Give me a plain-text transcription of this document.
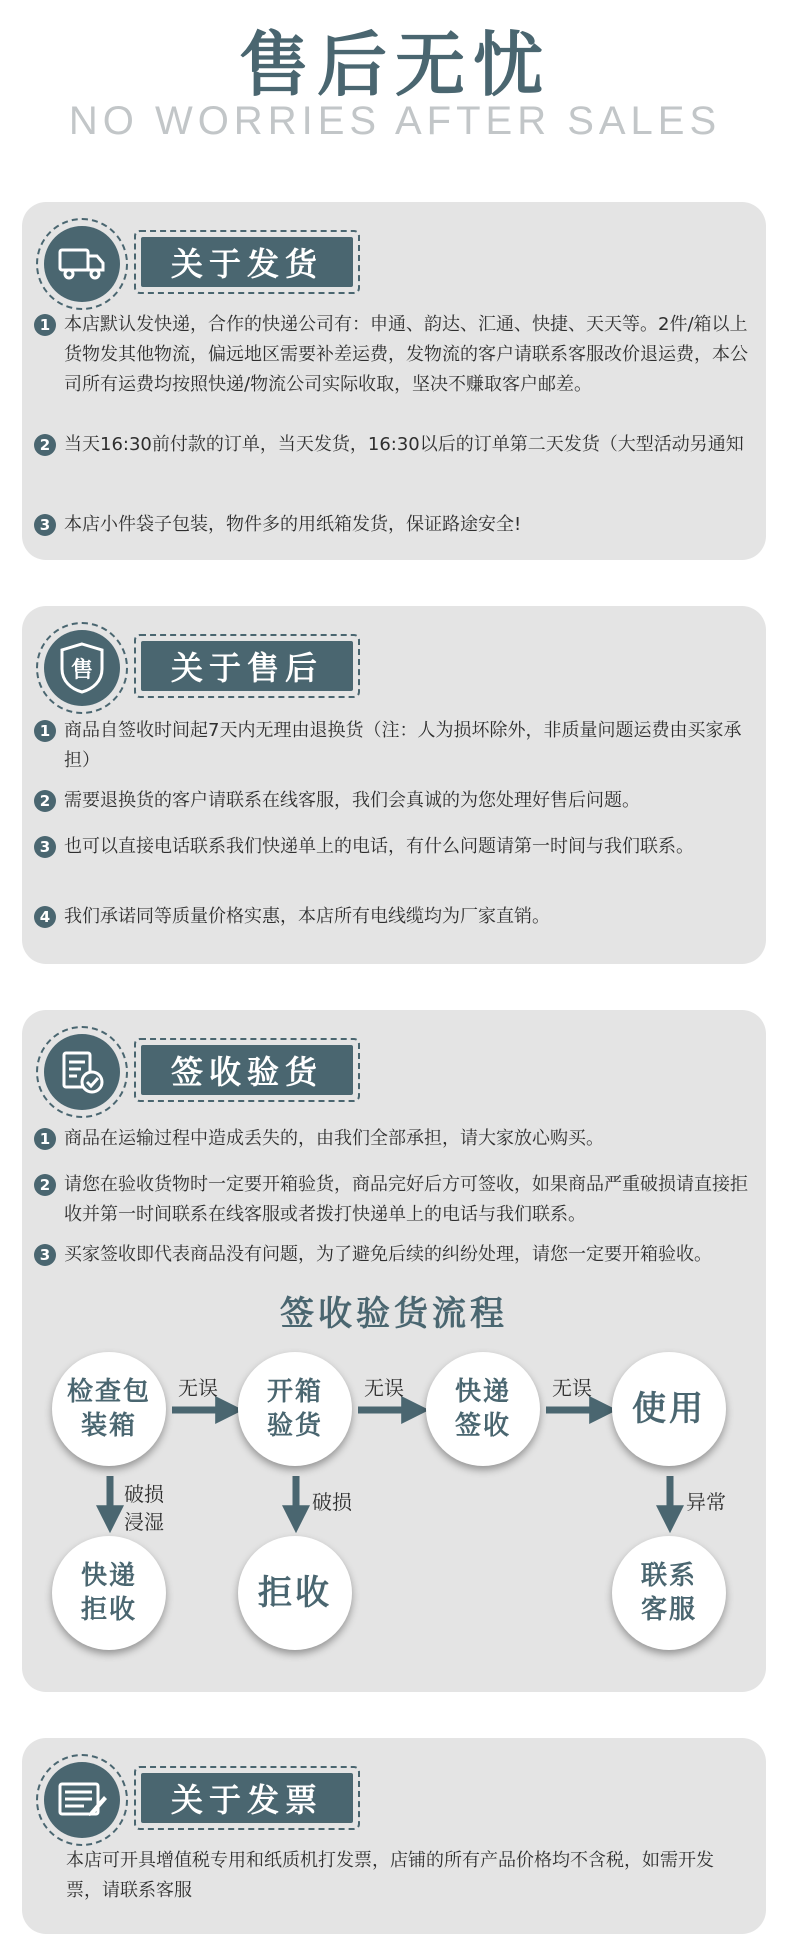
售后无忧
NO WORRIES AFTER SALES
关于发货
1 本店默认发快递，合作的快递公司有：申通、韵达、汇通、快捷、天天等。2件/箱以上货物发其他物流，偏远地区需要补差运费，发物流的客户请联系客服改价退运费，本公司所有运费均按照快递/物流公司实际收取，坚决不赚取客户邮差。
2 当天16:30前付款的订单，当天发货，16:30以后的订单第二天发货（大型活动另通知
3 本店小件袋子包装，物件多的用纸箱发货，保证路途安全!
售	关于售后
1 商品自签收时间起7天内无理由退换货（注：人为损坏除外，非质量问题运费由买家承担）
2 需要退换货的客户请联系在线客服，我们会真诚的为您处理好售后问题。
3 也可以直接电话联系我们快递单上的电话，有什么问题请第一时间与我们联系。
4 我们承诺同等质量价格实惠，本店所有电线缆均为厂家直销。
签收验货
1 商品在运输过程中造成丢失的，由我们全部承担，请大家放心购买。
2 请您在验收货物时一定要开箱验货，商品完好后方可签收，如果商品严重破损请直接拒收并第一时间联系在线客服或者拨打快递单上的电话与我们联系。
3 买家签收即代表商品没有问题，为了避免后续的纠纷处理，请您一定要开箱验收。
签收验货流程
检查包装箱
开箱验货
快递签收	使用
快递拒收	拒收	联系客服
无误	无误	无误
破损浸湿
破损	异常
关于发票
本店可开具增值税专用和纸质机打发票，店铺的所有产品价格均不含税，如需开发票，请联系客服
